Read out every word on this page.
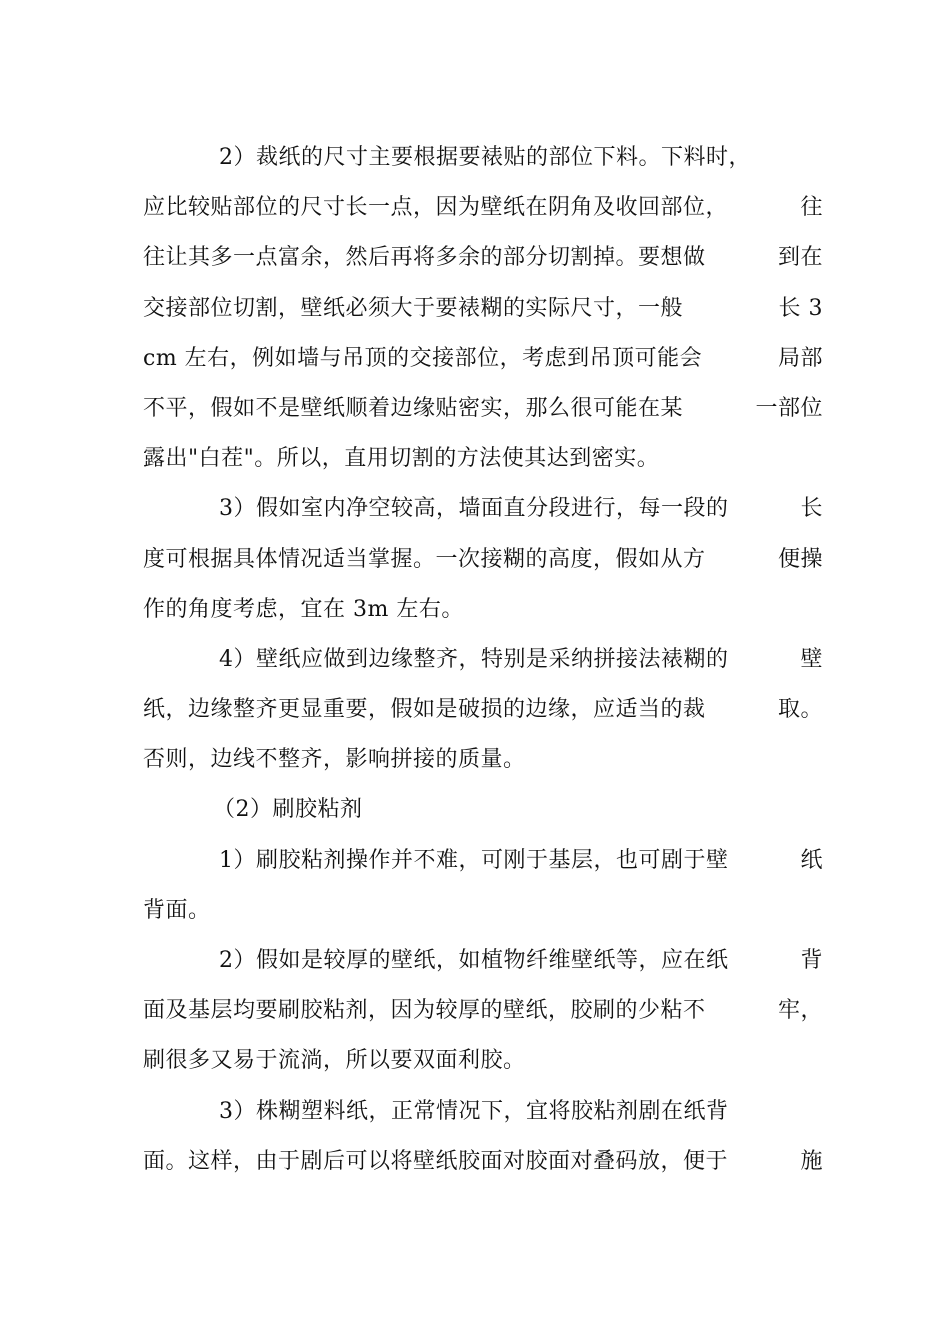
2）裁纸的尺寸主要根据要裱贴的部位下料。下料时，
应比较贴部位的尺寸长一点，因为壁纸在阴角及收回部位，	往
往让其多一点富余，然后再将多余的部分切割掉。要想做	到在
交接部位切割，壁纸必须大于要裱糊的实际尺寸，一般	长 3
cm 左右，例如墙与吊顶的交接部位，考虑到吊顶可能会	局部
不平，假如不是壁纸顺着边缘贴密实，那么很可能在某	一部位
露出"白茬"。所以，直用切割的方法使其达到密实。
3）假如室内净空较高，墙面直分段进行，每一段的	长
度可根据具体情况适当掌握。一次接糊的高度，假如从方	便操
作的角度考虑，宜在 3m 左右。
4）壁纸应做到边缘整齐，特别是采纳拼接法裱糊的	壁
纸，边缘整齐更显重要，假如是破损的边缘，应适当的裁	取。
否则，边线不整齐，影响拼接的质量。
（2）刷胶粘剂
1）刷胶粘剂操作并不难，可刚于基层，也可剧于壁	纸
背面。
2）假如是较厚的壁纸，如植物纤维壁纸等，应在纸	背
面及基层均要刷胶粘剂，因为较厚的壁纸，胶刷的少粘不	牢，
刷很多又易于流淌，所以要双面利胶。
3）株糊塑料纸，正常情况下，宜将胶粘剂剧在纸背
面。这样，由于剧后可以将壁纸胶面对胶面对叠码放，便于	施
